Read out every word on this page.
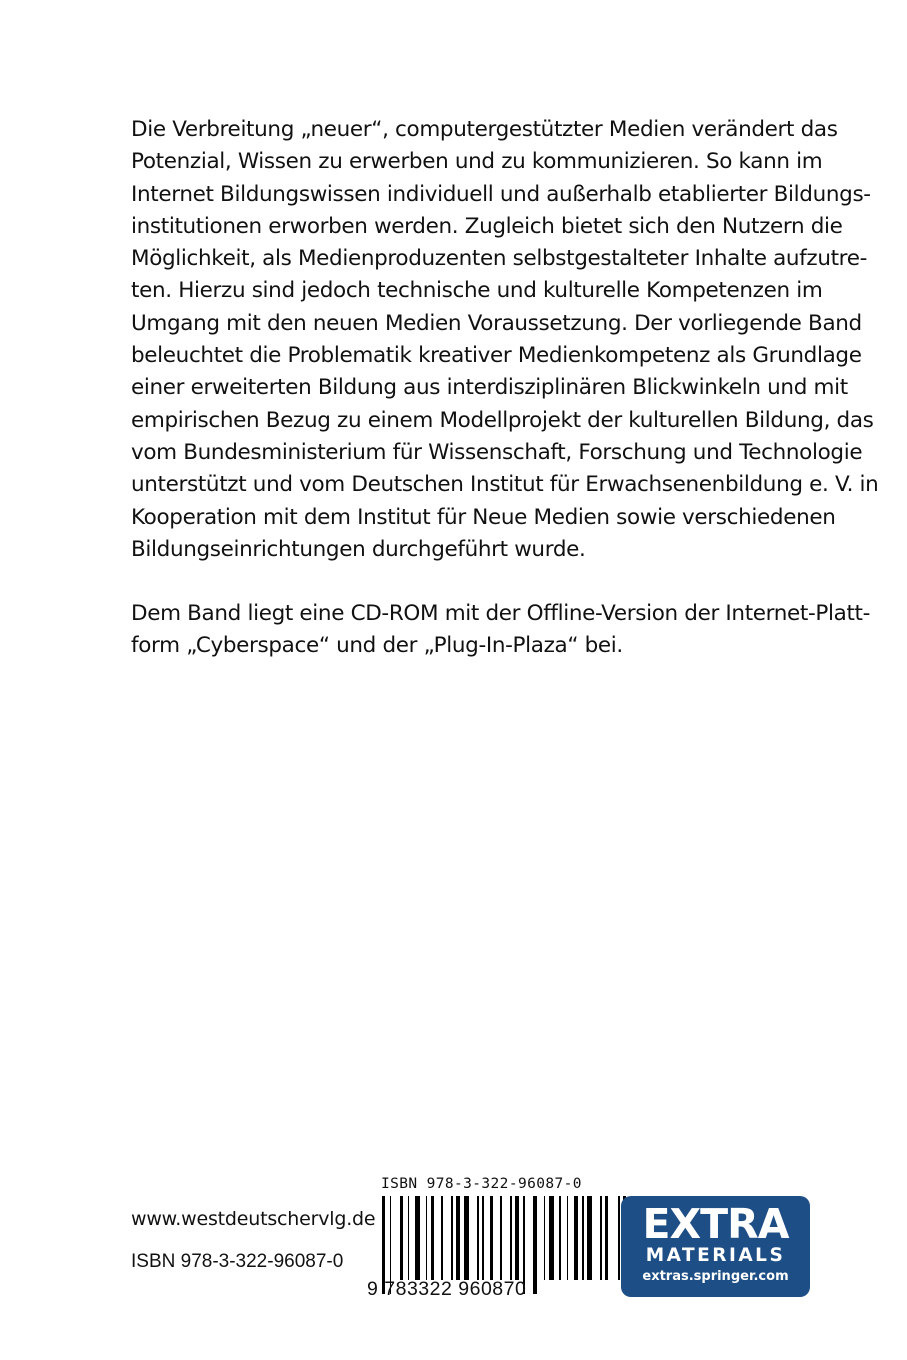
Die Verbreitung „neuer“, computergestützter Medien verändert das
Potenzial, Wissen zu erwerben und zu kommunizieren. So kann im
Internet Bildungswissen individuell und außerhalb etablierter Bildungs-
institutionen erworben werden. Zugleich bietet sich den Nutzern die
Möglichkeit, als Medienproduzenten selbstgestalteter Inhalte aufzutre-
ten. Hierzu sind jedoch technische und kulturelle Kompetenzen im
Umgang mit den neuen Medien Voraussetzung. Der vorliegende Band
beleuchtet die Problematik kreativer Medienkompetenz als Grundlage
einer erweiterten Bildung aus interdisziplinären Blickwinkeln und mit
empirischen Bezug zu einem Modellprojekt der kulturellen Bildung, das
vom Bundesministerium für Wissenschaft, Forschung und Technologie
unterstützt und vom Deutschen Institut für Erwachsenenbildung e. V. in
Kooperation mit dem Institut für Neue Medien sowie verschiedenen
Bildungseinrichtungen durchgeführt wurde.
Dem Band liegt eine CD-ROM mit der Offline-Version der Internet-Platt-
form „Cyberspace“ und der „Plug-In-Plaza“ bei.
www.westdeutschervlg.de
ISBN 978-3-322-96087-0
ISBN 978-3-322-96087-0
9 783322 960870
EXTRA
MATERIALS
extras.springer.com
